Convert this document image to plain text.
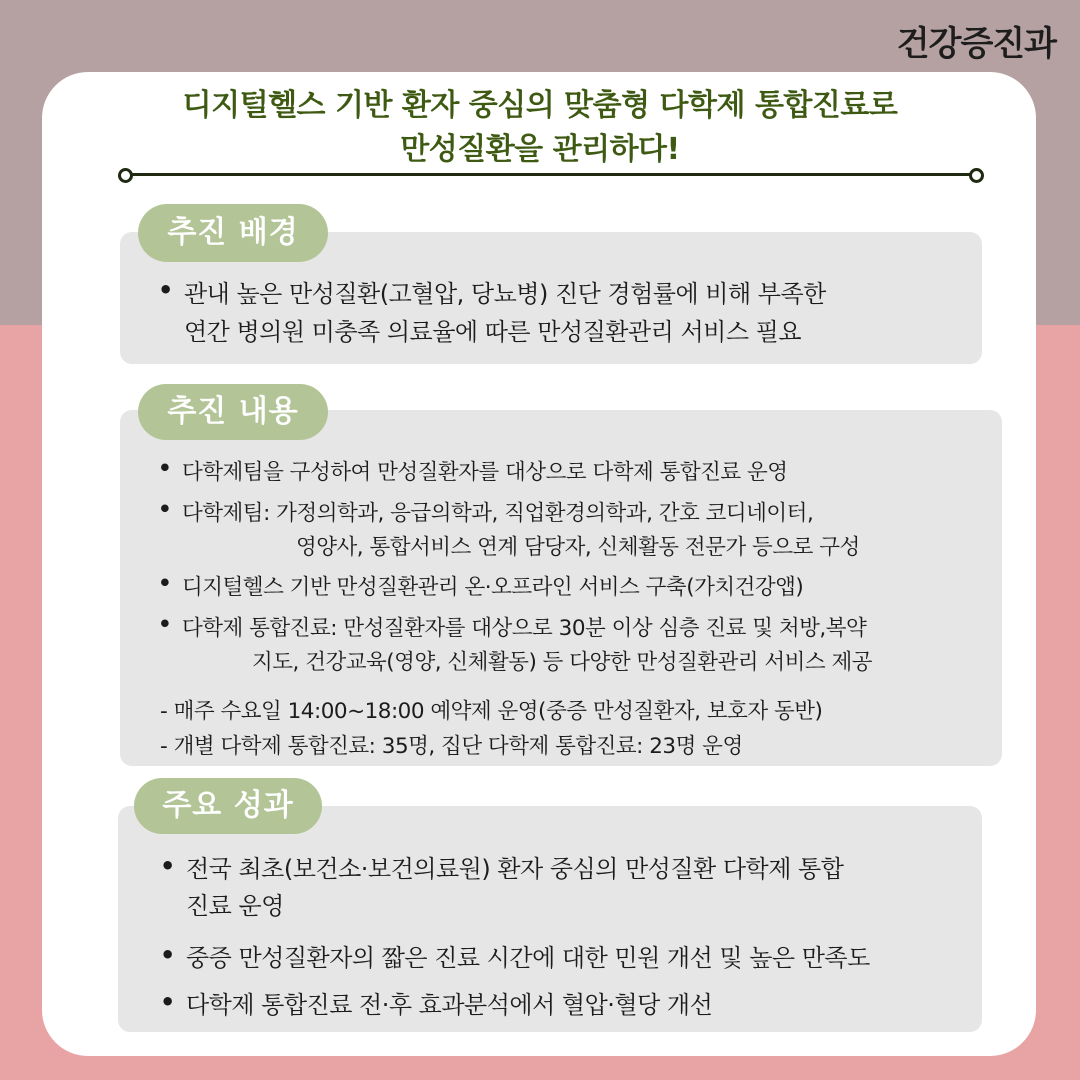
건강증진과
디지털헬스 기반 환자 중심의 맞춤형 다학제 통합진료로
만성질환을 관리하다!
추진 배경
• 관내 높은 만성질환(고혈압, 당뇨병) 진단 경험률에 비해 부족한
연간 병의원 미충족 의료율에 따른 만성질환관리 서비스 필요
추진 내용
• 다학제팀을 구성하여 만성질환자를 대상으로 다학제 통합진료 운영
• 다학제팀: 가정의학과, 응급의학과, 직업환경의학과, 간호 코디네이터,
영양사, 통합서비스 연계 담당자, 신체활동 전문가 등으로 구성
• 디지털헬스 기반 만성질환관리 온·오프라인 서비스 구축(가치건강앱)
• 다학제 통합진료: 만성질환자를 대상으로 30분 이상 심층 진료 및 처방,복약
지도, 건강교육(영양, 신체활동) 등 다양한 만성질환관리 서비스 제공
- 매주 수요일 14:00~18:00 예약제 운영(중증 만성질환자, 보호자 동반)
- 개별 다학제 통합진료: 35명, 집단 다학제 통합진료: 23명 운영
주요 성과
• 전국 최초(보건소·보건의료원) 환자 중심의 만성질환 다학제 통합
진료 운영
• 중증 만성질환자의 짧은 진료 시간에 대한 민원 개선 및 높은 만족도
• 다학제 통합진료 전·후 효과분석에서 혈압·혈당 개선
